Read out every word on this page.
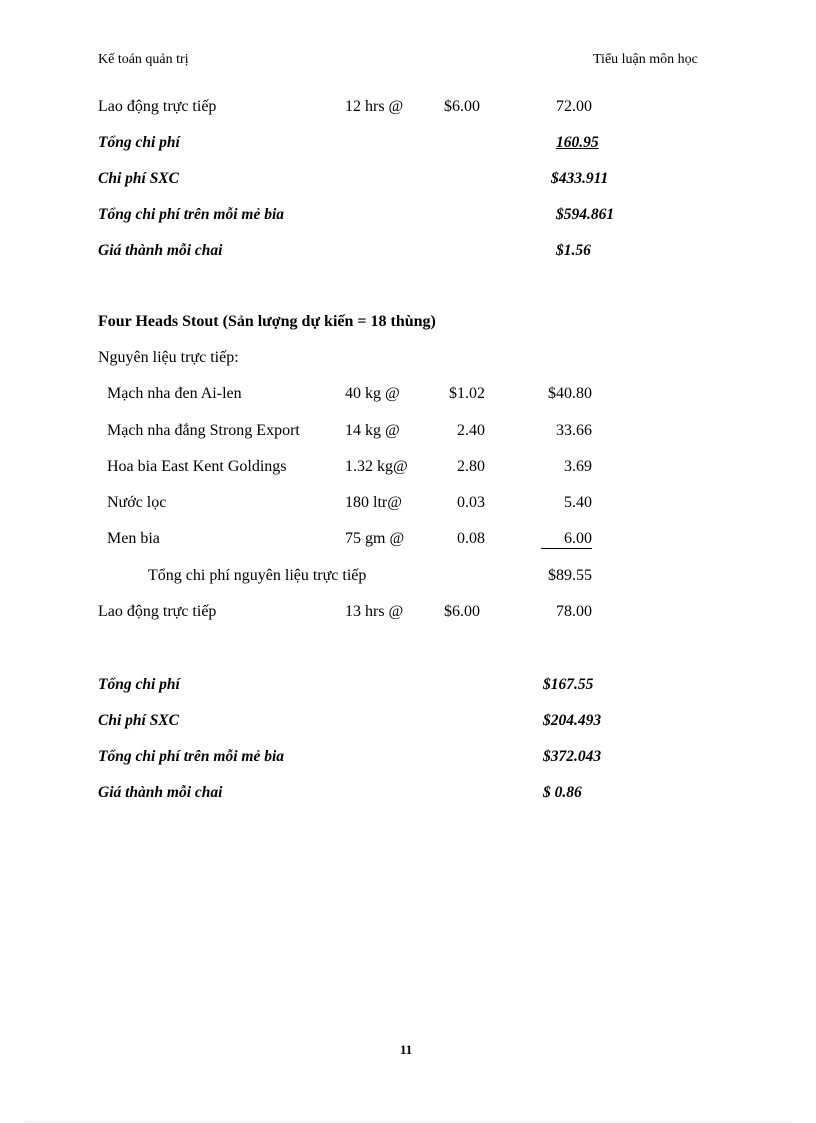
Kế toán quản trị	Tiểu luận môn học
Lao động trực tiếp	12 hrs @	$6.00	72.00
Tổng chi phí	160.95
Chi phí SXC	$433.911
Tổng chi phí trên mỗi mẻ bia	$594.861
Giá thành mỗi chai	$1.56
Four Heads Stout (Sản lượng dự kiến = 18 thùng)
Nguyên liệu trực tiếp:
Mạch nha đen Ai-len	40 kg @	$1.02	$40.80
Mạch nha đắng Strong Export	14 kg @	2.40	33.66
Hoa bia East Kent Goldings	1.32 kg@	2.80	3.69
Nước lọc	180 ltr@	0.03	5.40
Men bia	75 gm @	0.08	6.00
Tổng chi phí nguyên liệu trực tiếp	$89.55
Lao động trực tiếp	13 hrs @	$6.00	78.00
Tổng chi phí	$167.55
Chi phí SXC	$204.493
Tổng chi phí trên mỗi mẻ bia	$372.043
Giá thành mỗi chai	$ 0.86
11
